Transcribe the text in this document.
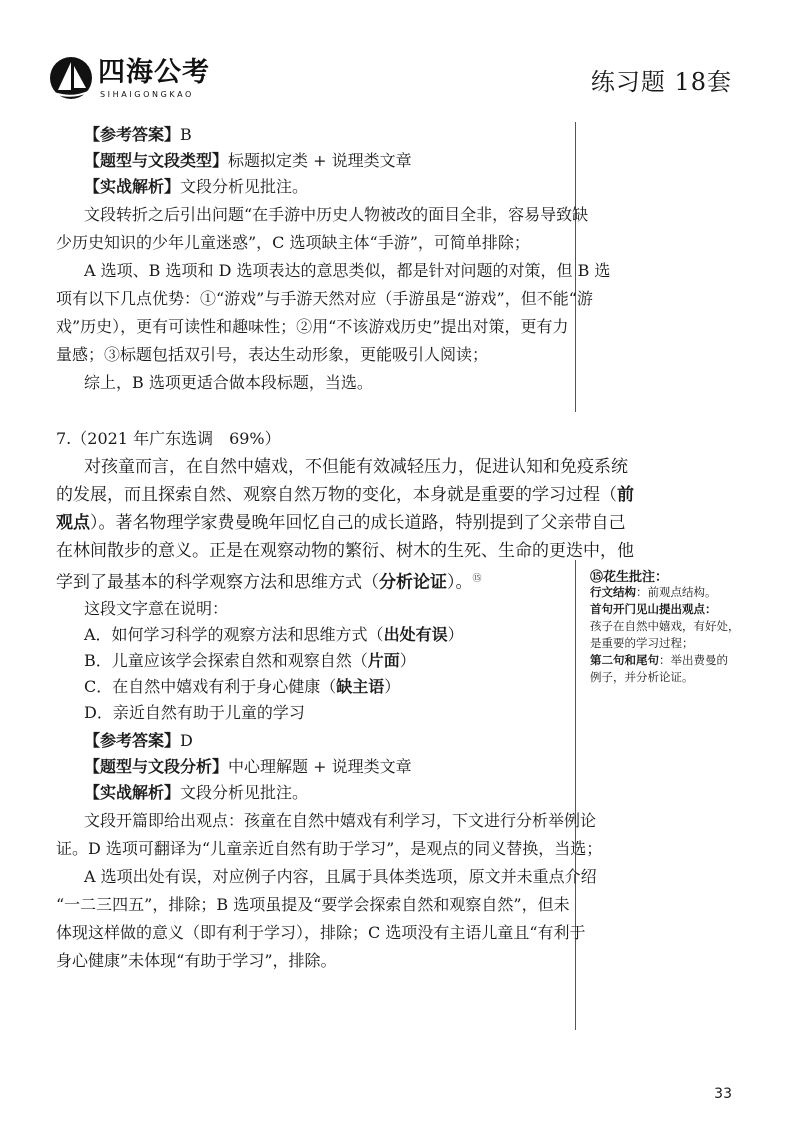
四海公考
SIHAIGONGKAO	练习题 18套
【参考答案】B
【题型与文段类型】标题拟定类 + 说理类文章
【实战解析】文段分析见批注。
文段转折之后引出问题“在手游中历史人物被改的面目全非，容易导致缺
少历史知识的少年儿童迷惑”，C 选项缺主体“手游”，可简单排除；
A 选项、B 选项和 D 选项表达的意思类似，都是针对问题的对策，但 B 选
项有以下几点优势：①“游戏”与手游天然对应（手游虽是“游戏”，但不能“游
戏”历史），更有可读性和趣味性；②用“不该游戏历史”提出对策，更有力
量感；③标题包括双引号，表达生动形象，更能吸引人阅读；
综上，B 选项更适合做本段标题，当选。
7.（2021 年广东选调　69%）
对孩童而言，在自然中嬉戏，不但能有效减轻压力，促进认知和免疫系统
的发展，而且探索自然、观察自然万物的变化，本身就是重要的学习过程（前
观点）。著名物理学家费曼晚年回忆自己的成长道路，特别提到了父亲带自己
在林间散步的意义。正是在观察动物的繁衍、树木的生死、生命的更迭中，他
学到了最基本的科学观察方法和思维方式（分析论证）。⑮
这段文字意在说明：
A．如何学习科学的观察方法和思维方式（出处有误）
B．儿童应该学会探索自然和观察自然（片面）
C．在自然中嬉戏有利于身心健康（缺主语）
D．亲近自然有助于儿童的学习
【参考答案】D
【题型与文段分析】中心理解题 + 说理类文章
【实战解析】文段分析见批注。
文段开篇即给出观点：孩童在自然中嬉戏有利学习，下文进行分析举例论
证。D 选项可翻译为“儿童亲近自然有助于学习”，是观点的同义替换，当选；
A 选项出处有误，对应例子内容，且属于具体类选项，原文并未重点介绍
“一二三四五”，排除；B 选项虽提及“要学会探索自然和观察自然”，但未
体现这样做的意义（即有利于学习），排除；C 选项没有主语儿童且“有利于
身心健康”未体现“有助于学习”，排除。
⑮花生批注：
行文结构：前观点结构。
首句开门见山提出观点：
孩子在自然中嬉戏，有好处，
是重要的学习过程；
第二句和尾句：举出费曼的
例子，并分析论证。
33
